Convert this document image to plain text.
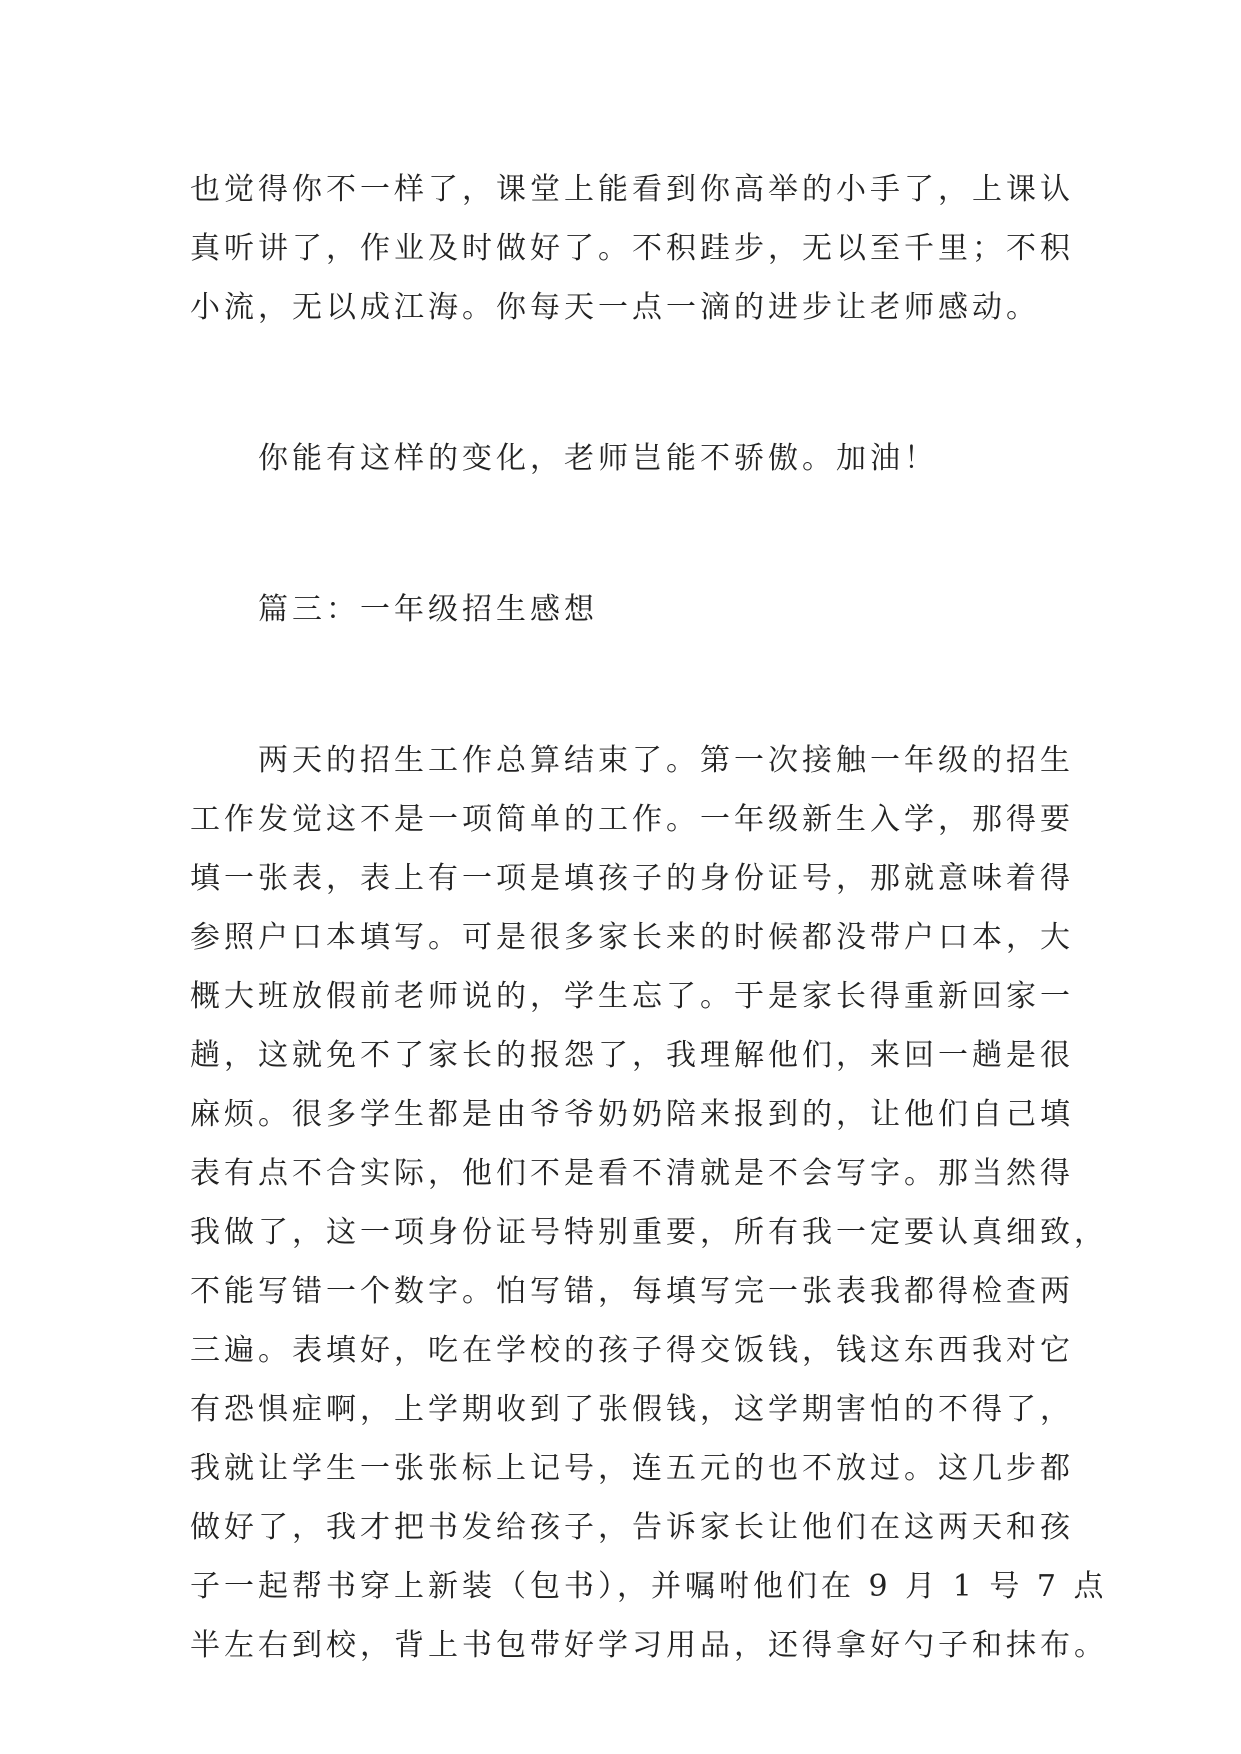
也觉得你不一样了，课堂上能看到你高举的小手了，上课认
真听讲了，作业及时做好了。不积跬步，无以至千里；不积
小流，无以成江海。你每天一点一滴的进步让老师感动。

你能有这样的变化，老师岂能不骄傲。加油！

篇三：一年级招生感想

两天的招生工作总算结束了。第一次接触一年级的招生
工作发觉这不是一项简单的工作。一年级新生入学，那得要
填一张表，表上有一项是填孩子的身份证号，那就意味着得
参照户口本填写。可是很多家长来的时候都没带户口本，大
概大班放假前老师说的，学生忘了。于是家长得重新回家一
趟，这就免不了家长的报怨了，我理解他们，来回一趟是很
麻烦。很多学生都是由爷爷奶奶陪来报到的，让他们自己填
表有点不合实际，他们不是看不清就是不会写字。那当然得
我做了，这一项身份证号特别重要，所有我一定要认真细致，
不能写错一个数字。怕写错，每填写完一张表我都得检查两
三遍。表填好，吃在学校的孩子得交饭钱，钱这东西我对它
有恐惧症啊，上学期收到了张假钱，这学期害怕的不得了，
我就让学生一张张标上记号，连五元的也不放过。这几步都
做好了，我才把书发给孩子，告诉家长让他们在这两天和孩
子一起帮书穿上新装（包书），并嘱咐他们在 9 月 1 号 7 点
半左右到校，背上书包带好学习用品，还得拿好勺子和抹布。
